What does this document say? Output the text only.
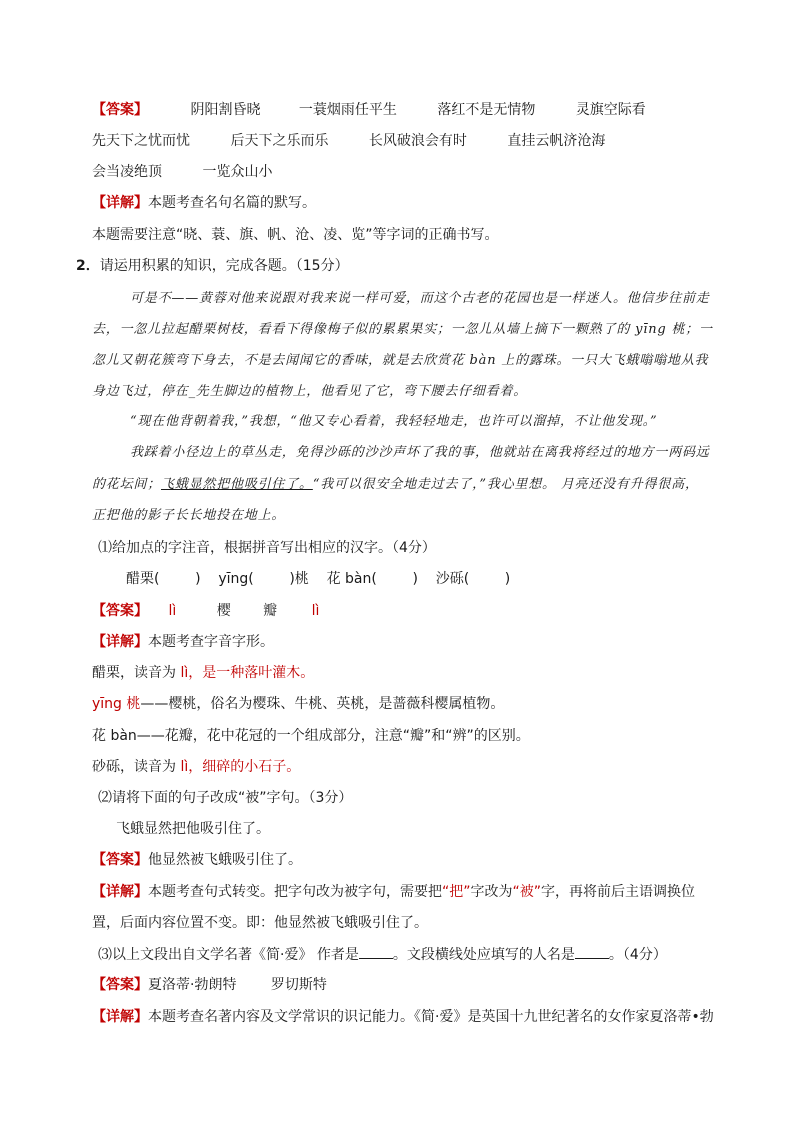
【答案】	阴阳割昏晓	一蓑烟雨任平生	落红不是无情物	灵旗空际看
先天下之忧而忧	后天下之乐而乐	长风破浪会有时	直挂云帆济沧海
会当凌绝顶	一览众山小
【详解】本题考查名句名篇的默写。
本题需要注意“晓、蓑、旗、帆、沧、凌、览”等字词的正确书写。
2．请运用积累的知识，完成各题。（15分）
可是不——黄蓉对他来说跟对我来说一样可爱，而这个古老的花园也是一样迷人。他信步往前走
去，一忽儿拉起醋栗树枝，看看下得像梅子似的累累果实；一忽儿从墙上摘下一颗熟了的 yīng 桃；一
忽儿又朝花簇弯下身去，不是去闻闻它的香味，就是去欣赏花 bàn 上的露珠。一只大飞蛾嗡嗡地从我
身边飞过，停在_先生脚边的植物上，他看见了它，弯下腰去仔细看着。
“现在他背朝着我，”我想，“他又专心看着，我轻轻地走，也许可以溜掉，不让他发现。”
我踩着小径边上的草丛走，免得沙砾的沙沙声坏了我的事，他就站在离我将经过的地方一两码远
的花坛间；飞蛾显然把他吸引住了。“我可以很安全地走过去了，”我心里想。 月亮还没有升得很高，
正把他的影子长长地投在地上。
⑴给加点的字注音，根据拼音写出相应的汉字。（4分）
醋栗(        )    yīng(        )桃    花 bàn(        )    沙砾(        )
【答案】 lì	樱 瓣 lì
【详解】本题考查字音字形。
醋栗，读音为 lì，是一种落叶灌木。
yīng 桃——樱桃，俗名为樱珠、牛桃、英桃，是蔷薇科樱属植物。
花 bàn——花瓣，花中花冠的一个组成部分，注意“瓣”和“辨”的区别。
砂砾，读音为 lì，细碎的小石子。
⑵请将下面的句子改成“被”字句。（3分）
飞蛾显然把他吸引住了。
【答案】他显然被飞蛾吸引住了。
【详解】本题考查句式转变。把字句改为被字句，需要把“把”字改为“被”字，再将前后主语调换位
置，后面内容位置不变。即：他显然被飞蛾吸引住了。
⑶以上文段出自文学名著《简·爱》 作者是 。文段横线处应填写的人名是 。（4分）
【答案】夏洛蒂·勃朗特 罗切斯特
【详解】本题考查名著内容及文学常识的识记能力。《简·爱》是英国十九世纪著名的女作家夏洛蒂•勃
